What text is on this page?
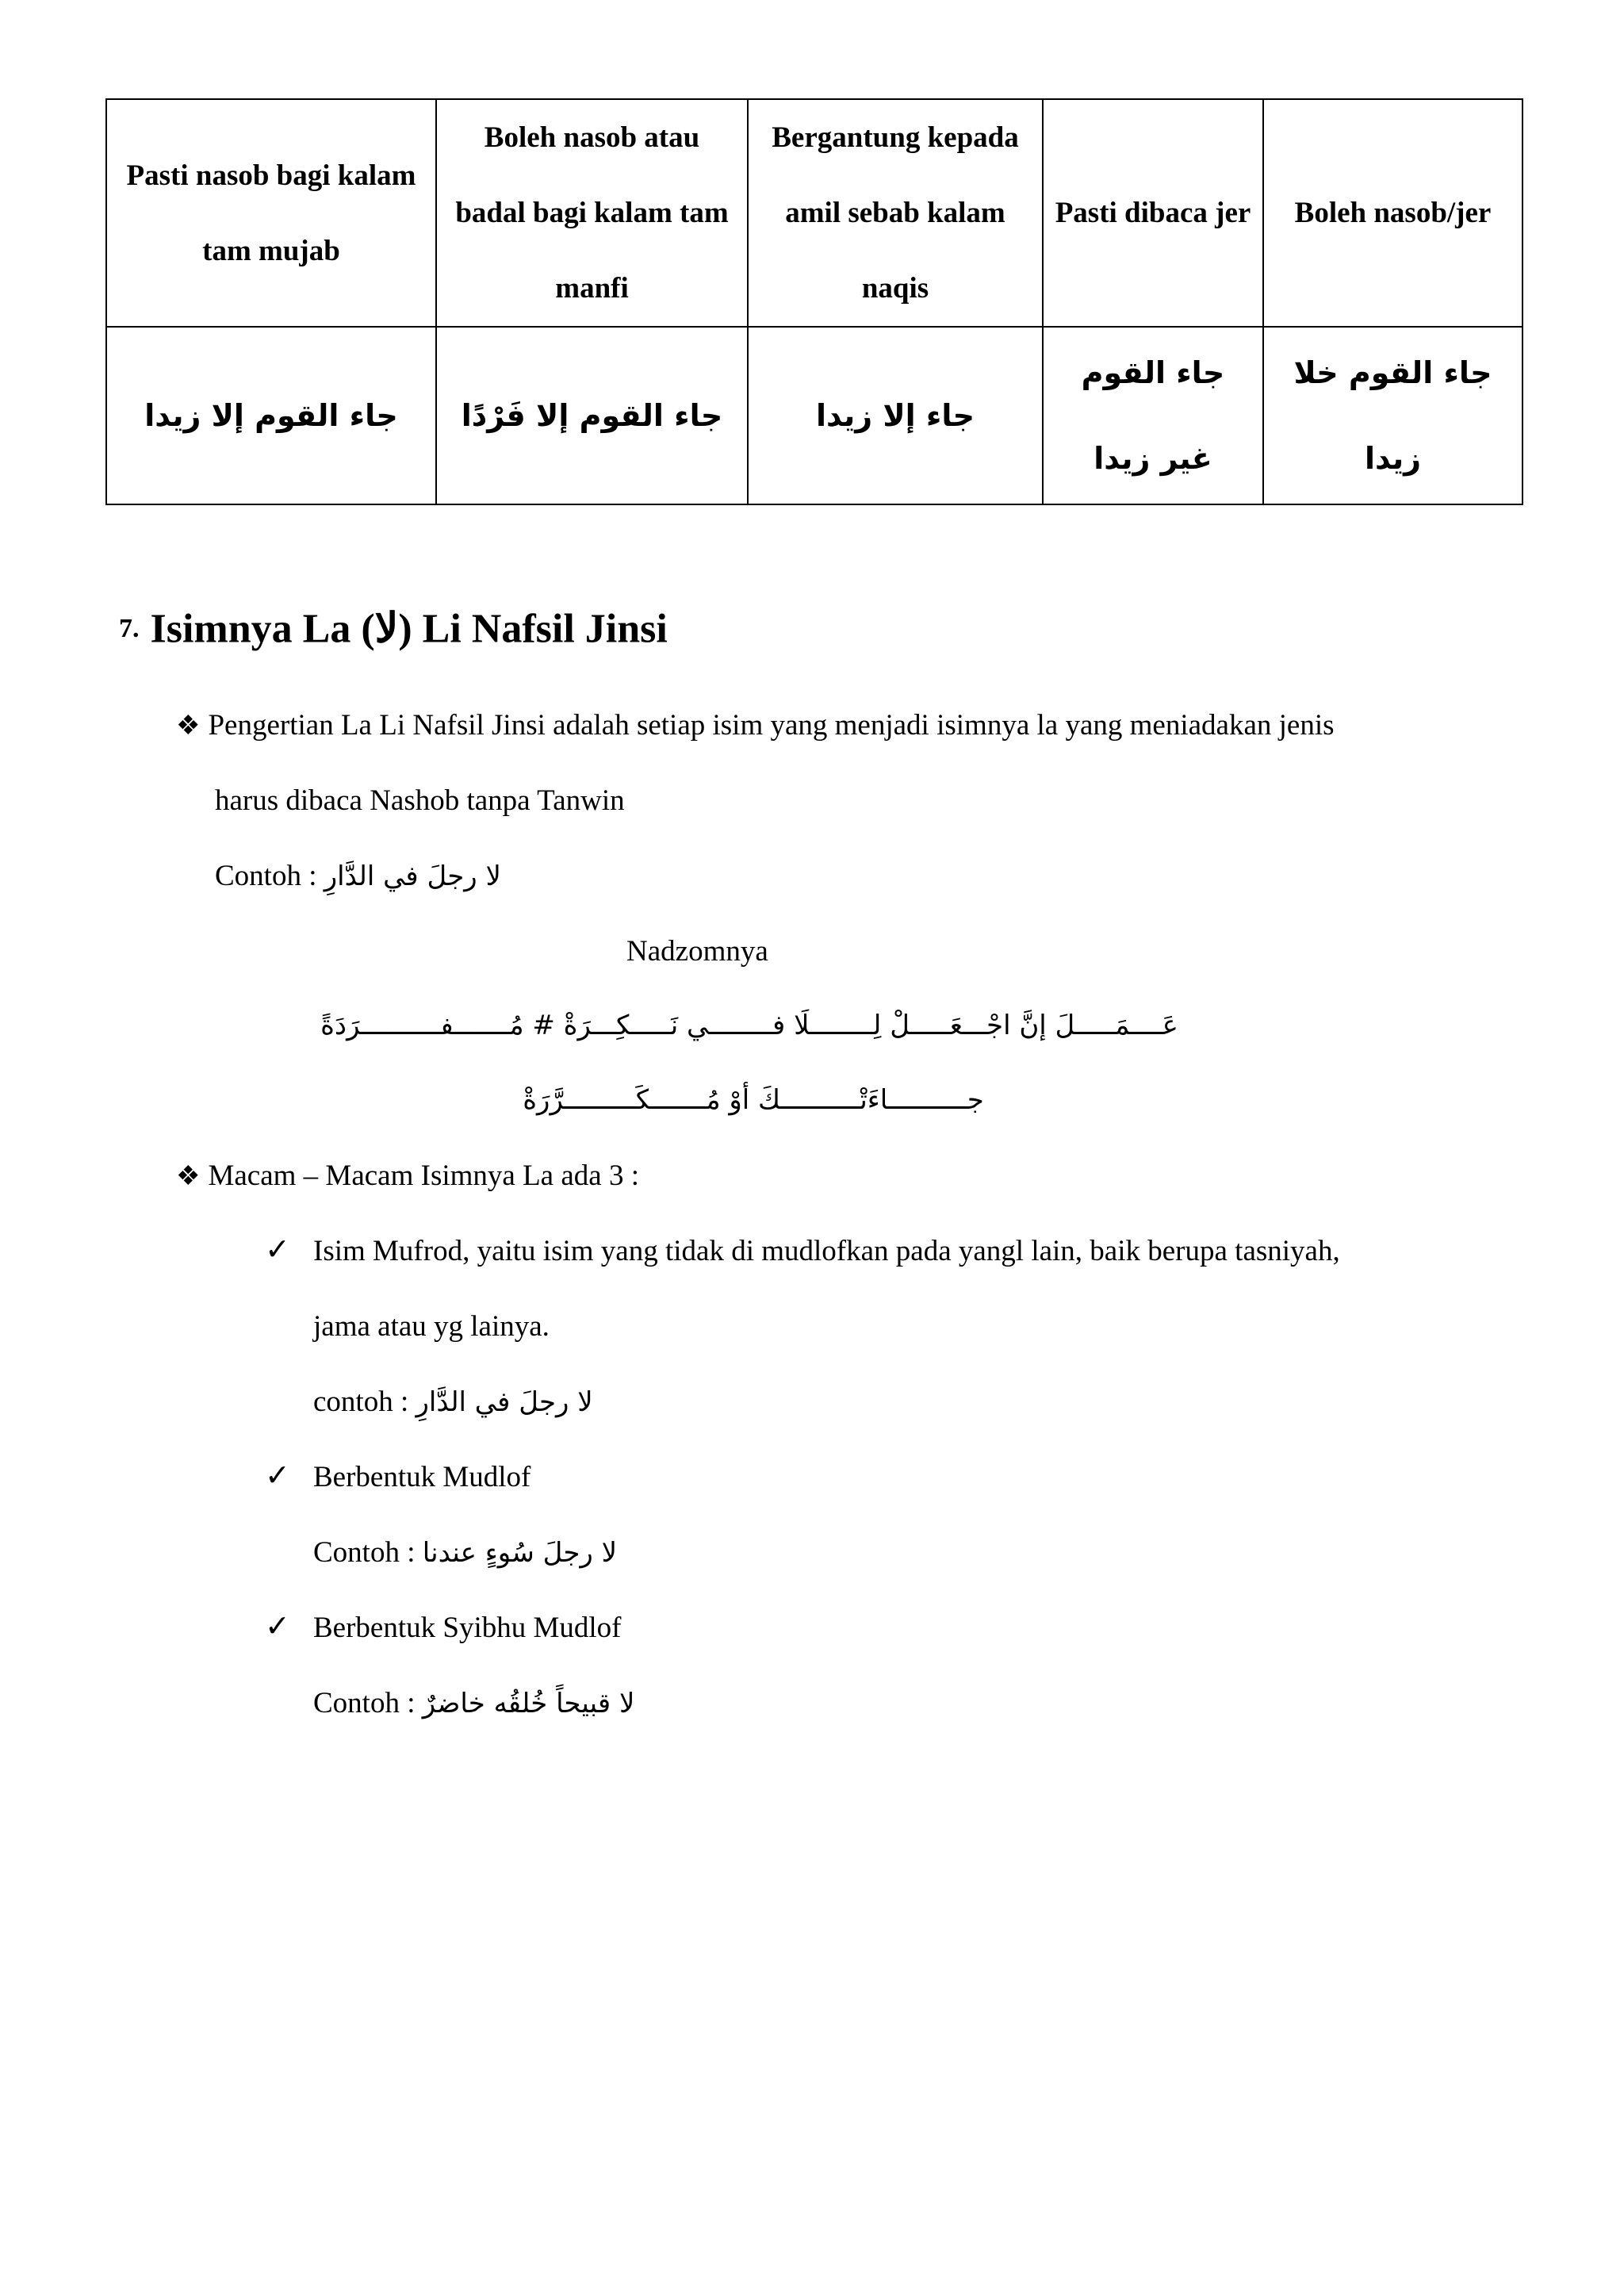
Pasti nasob bagi kalam tam mujab	Boleh nasob atau badal bagi kalam tam manfi	Bergantung kepada amil sebab kalam naqis	Pasti dibaca jer	Boleh nasob/jer
جاء القوم إلا زيدا	جاء القوم إلا فَرْدًا	جاء إلا زيدا	جاء القوم غير زيدا	جاء القوم خلا زيدا
7. Isimnya La (لا) Li Nafsil Jinsi
❖ Pengertian La Li Nafsil Jinsi adalah setiap isim yang menjadi isimnya la yang meniadakan jenis
harus dibaca Nashob tanpa Tanwin
Contoh : لا رجلَ في الدَّارِ
Nadzomnya
عَــــمَـــــلَ إنَّ اجْـــعَـــــلْ لِــــــــلَا فــــــــي نَـــــكِـــرَةْ # مُـــــــفــــــــــرَدَةً
جــــــــــاءَتْــــــــــكَ أوْ مُـــــــكَـــــــــرَّرَةْ
❖ Macam – Macam Isimnya La ada 3 :
✓ Isim Mufrod, yaitu isim yang tidak di mudlofkan pada yangl lain, baik berupa tasniyah,
jama atau yg lainya.
contoh : لا رجلَ في الدَّارِ
✓ Berbentuk Mudlof
Contoh : لا رجلَ سُوءٍ عندنا
✓ Berbentuk Syibhu Mudlof
Contoh : لا قبيحاً خُلقُه خاضرٌ
